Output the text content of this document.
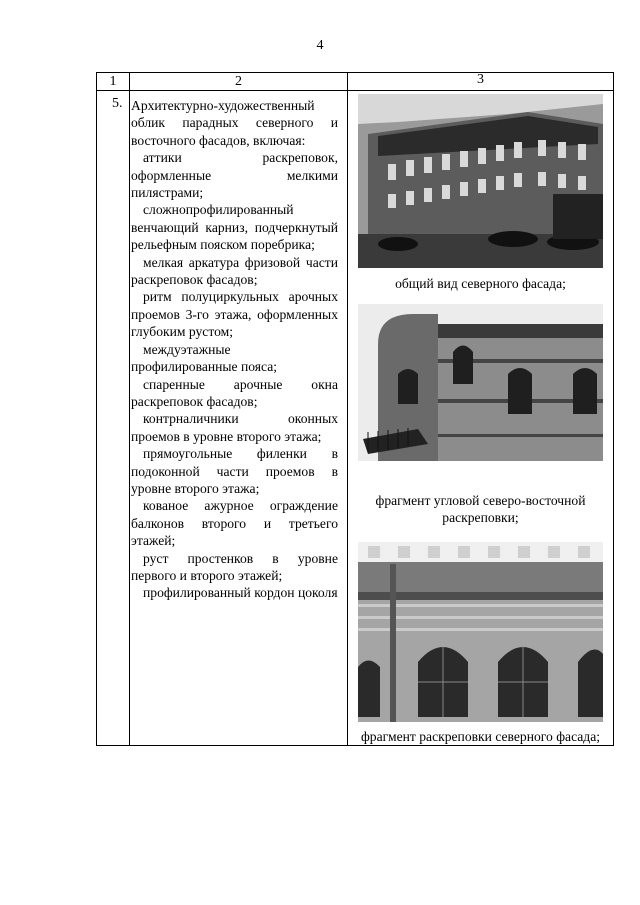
4
1	2	3
5. Архитектурно-художественный облик парадных северного и восточного фасадов, включая:
аттики раскреповок, оформленные мелкими пилястрами;
сложнопрофилированный венчающий карниз, подчеркнутый рельефным пояском поребрика;
мелкая аркатура фризовой части раскреповок фасадов;
ритм полуциркульных арочных проемов 3-го этажа, оформленных глубоким рустом;
междуэтажные профилированные пояса;
спаренные арочные окна раскреповок фасадов;
контрналичники оконных проемов в уровне второго этажа;
прямоугольные филенки в подоконной части проемов в уровне второго этажа;
кованое ажурное ограждение балконов второго и третьего этажей;
руст простенков в уровне первого и второго этажей;
профилированный кордон цоколя
общий вид северного фасада;
фрагмент угловой северо-восточной раскреповки;
фрагмент раскреповки северного фасада;
